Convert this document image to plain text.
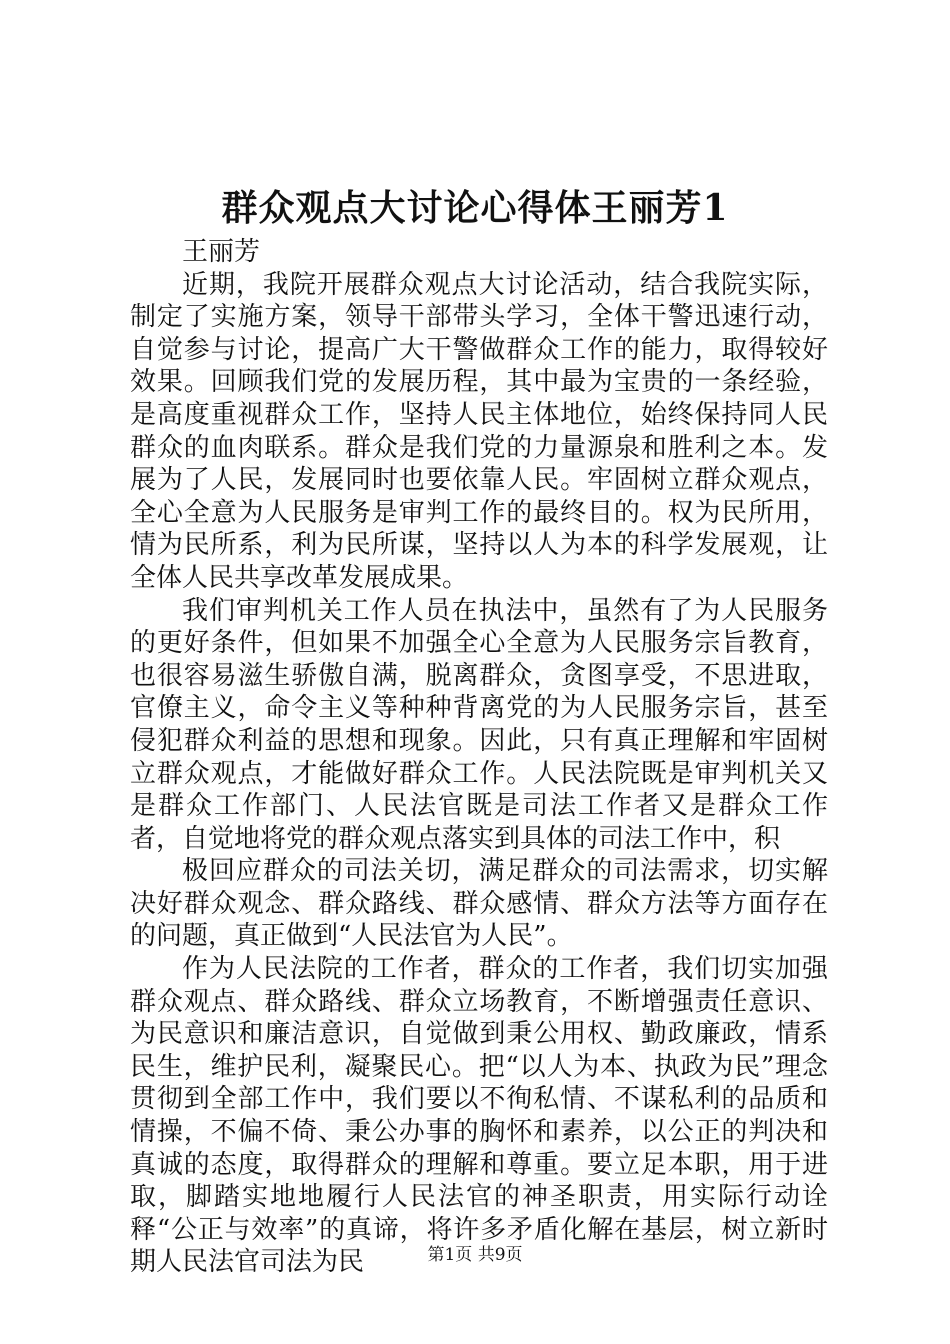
群众观点大讨论心得体王丽芳1

王丽芳

近期，我院开展群众观点大讨论活动，结合我院实际，制定了实施方案，领导干部带头学习，全体干警迅速行动，自觉参与讨论，提高广大干警做群众工作的能力，取得较好效果。回顾我们党的发展历程，其中最为宝贵的一条经验，是高度重视群众工作，坚持人民主体地位，始终保持同人民群众的血肉联系。群众是我们党的力量源泉和胜利之本。发展为了人民，发展同时也要依靠人民。牢固树立群众观点，全心全意为人民服务是审判工作的最终目的。权为民所用，情为民所系，利为民所谋，坚持以人为本的科学发展观，让全体人民共享改革发展成果。

我们审判机关工作人员在执法中，虽然有了为人民服务的更好条件，但如果不加强全心全意为人民服务宗旨教育，也很容易滋生骄傲自满，脱离群众，贪图享受，不思进取，官僚主义，命令主义等种种背离党的为人民服务宗旨，甚至侵犯群众利益的思想和现象。因此，只有真正理解和牢固树立群众观点，才能做好群众工作。人民法院既是审判机关又是群众工作部门、人民法官既是司法工作者又是群众工作者，自觉地将党的群众观点落实到具体的司法工作中，积

极回应群众的司法关切，满足群众的司法需求，切实解决好群众观念、群众路线、群众感情、群众方法等方面存在的问题，真正做到“人民法官为人民”。

作为人民法院的工作者，群众的工作者，我们切实加强群众观点、群众路线、群众立场教育，不断增强责任意识、为民意识和廉洁意识，自觉做到秉公用权、勤政廉政，情系民生，维护民利，凝聚民心。把“以人为本、执政为民”理念贯彻到全部工作中，我们要以不徇私情、不谋私利的品质和情操，不偏不倚、秉公办事的胸怀和素养，以公正的判决和真诚的态度，取得群众的理解和尊重。要立足本职，用于进取，脚踏实地地履行人民法官的神圣职责，用实际行动诠释“公正与效率”的真谛，将许多矛盾化解在基层，树立新时期人民法官司法为民	第1页 共9页
